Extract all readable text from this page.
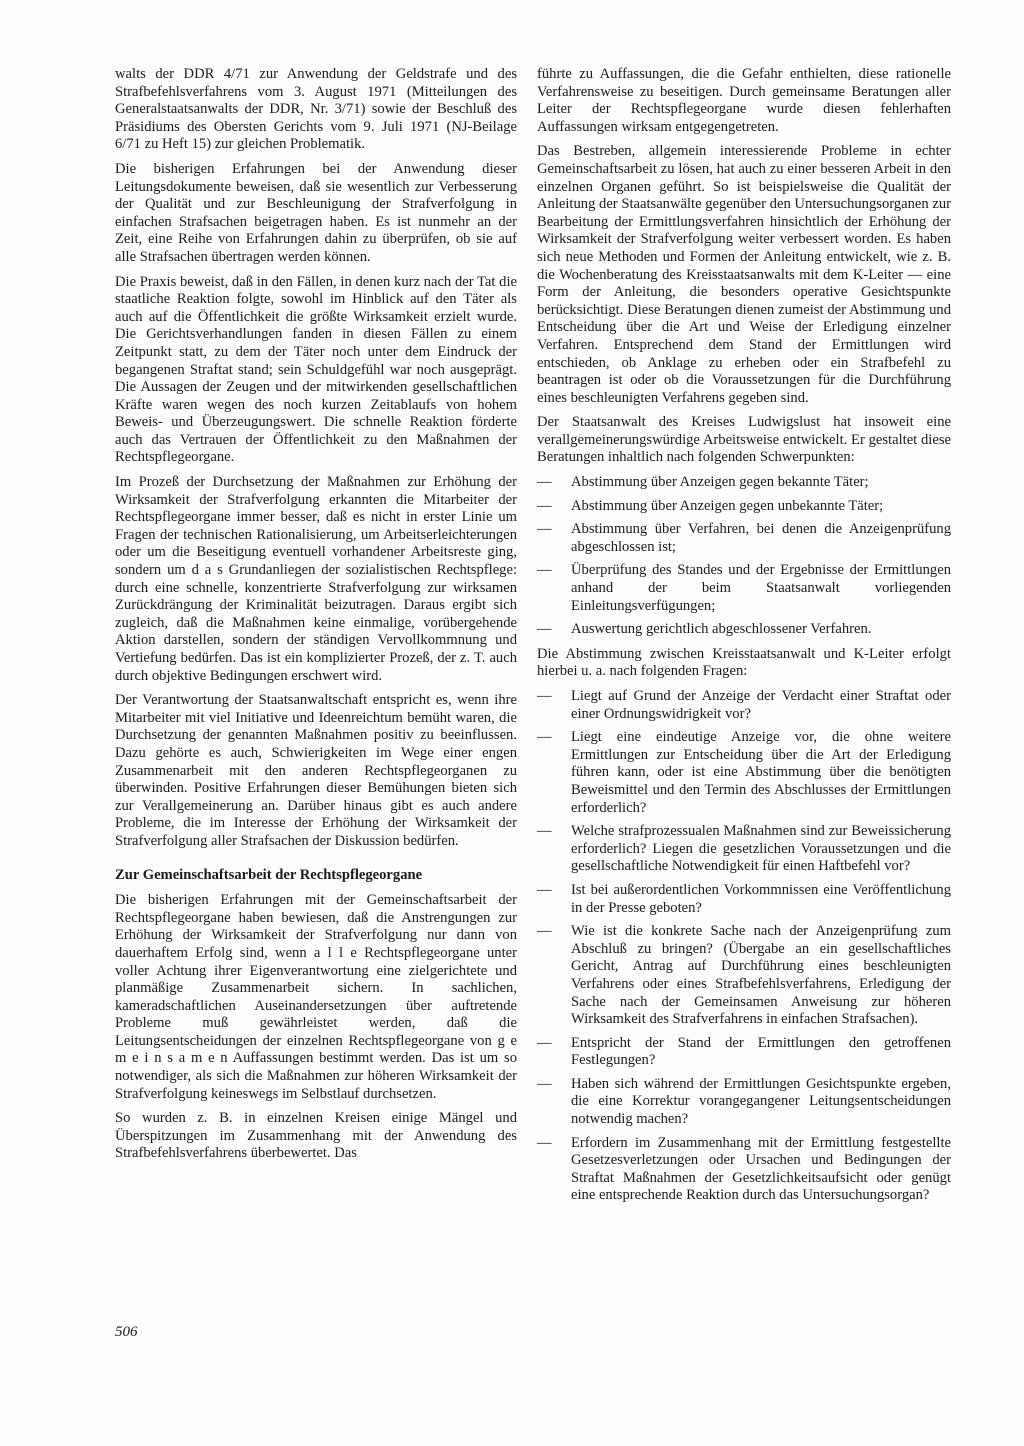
walts der DDR 4/71 zur Anwendung der Geldstrafe und des Strafbefehlsverfahrens vom 3. August 1971 (Mitteilungen des Generalstaatsanwalts der DDR, Nr. 3/71) sowie der Beschluß des Präsidiums des Obersten Gerichts vom 9. Juli 1971 (NJ-Beilage 6/71 zu Heft 15) zur gleichen Problematik.

Die bisherigen Erfahrungen bei der Anwendung dieser Leitungsdokumente beweisen, daß sie wesentlich zur Verbesserung der Qualität und zur Beschleunigung der Strafverfolgung in einfachen Strafsachen beigetragen haben. Es ist nunmehr an der Zeit, eine Reihe von Erfahrungen dahin zu überprüfen, ob sie auf alle Strafsachen übertragen werden können.

Die Praxis beweist, daß in den Fällen, in denen kurz nach der Tat die staatliche Reaktion folgte, sowohl im Hinblick auf den Täter als auch auf die Öffentlichkeit die größte Wirksamkeit erzielt wurde. Die Gerichtsverhandlungen fanden in diesen Fällen zu einem Zeitpunkt statt, zu dem der Täter noch unter dem Eindruck der begangenen Straftat stand; sein Schuldgefühl war noch ausgeprägt. Die Aussagen der Zeugen und der mitwirkenden gesellschaftlichen Kräfte waren wegen des noch kurzen Zeitablaufs von hohem Beweis- und Überzeugungswert. Die schnelle Reaktion förderte auch das Vertrauen der Öffentlichkeit zu den Maßnahmen der Rechtspflegeorgane.

Im Prozeß der Durchsetzung der Maßnahmen zur Erhöhung der Wirksamkeit der Strafverfolgung erkannten die Mitarbeiter der Rechtspflegeorgane immer besser, daß es nicht in erster Linie um Fragen der technischen Rationalisierung, um Arbeitserleichterungen oder um die Beseitigung eventuell vorhandener Arbeitsreste ging, sondern um d a s Grundanliegen der sozialistischen Rechtspflege: durch eine schnelle, konzentrierte Strafverfolgung zur wirksamen Zurückdrängung der Kriminalität beizutragen. Daraus ergibt sich zugleich, daß die Maßnahmen keine einmalige, vorübergehende Aktion darstellen, sondern der ständigen Vervollkommnung und Vertiefung bedürfen. Das ist ein komplizierter Prozeß, der z. T. auch durch objektive Bedingungen erschwert wird.

Der Verantwortung der Staatsanwaltschaft entspricht es, wenn ihre Mitarbeiter mit viel Initiative und Ideenreichtum bemüht waren, die Durchsetzung der genannten Maßnahmen positiv zu beeinflussen. Dazu gehörte es auch, Schwierigkeiten im Wege einer engen Zusammenarbeit mit den anderen Rechtspflegeorganen zu überwinden. Positive Erfahrungen dieser Bemühungen bieten sich zur Verallgemeinerung an. Darüber hinaus gibt es auch andere Probleme, die im Interesse der Erhöhung der Wirksamkeit der Strafverfolgung aller Strafsachen der Diskussion bedürfen.

Zur Gemeinschaftsarbeit der Rechtspflegeorgane

Die bisherigen Erfahrungen mit der Gemeinschaftsarbeit der Rechtspflegeorgane haben bewiesen, daß die Anstrengungen zur Erhöhung der Wirksamkeit der Strafverfolgung nur dann von dauerhaftem Erfolg sind, wenn a l l e Rechtspflegeorgane unter voller Achtung ihrer Eigenverantwortung eine zielgerichtete und planmäßige Zusammenarbeit sichern. In sachlichen, kameradschaftlichen Auseinandersetzungen über auftretende Probleme muß gewährleistet werden, daß die Leitungsentscheidungen der einzelnen Rechtspflegeorgane von g e m e i n s a m e n Auffassungen bestimmt werden. Das ist um so notwendiger, als sich die Maßnahmen zur höheren Wirksamkeit der Strafverfolgung keineswegs im Selbstlauf durchsetzen.

So wurden z. B. in einzelnen Kreisen einige Mängel und Überspitzungen im Zusammenhang mit der Anwendung des Strafbefehlsverfahrens überbewertet. Das

führte zu Auffassungen, die die Gefahr enthielten, diese rationelle Verfahrensweise zu beseitigen. Durch gemeinsame Beratungen aller Leiter der Rechtspflegeorgane wurde diesen fehlerhaften Auffassungen wirksam entgegengetreten.

Das Bestreben, allgemein interessierende Probleme in echter Gemeinschaftsarbeit zu lösen, hat auch zu einer besseren Arbeit in den einzelnen Organen geführt. So ist beispielsweise die Qualität der Anleitung der Staatsanwälte gegenüber den Untersuchungsorganen zur Bearbeitung der Ermittlungsverfahren hinsichtlich der Erhöhung der Wirksamkeit der Strafverfolgung weiter verbessert worden. Es haben sich neue Methoden und Formen der Anleitung entwickelt, wie z. B. die Wochenberatung des Kreisstaatsanwalts mit dem K-Leiter — eine Form der Anleitung, die besonders operative Gesichtspunkte berücksichtigt. Diese Beratungen dienen zumeist der Abstimmung und Entscheidung über die Art und Weise der Erledigung einzelner Verfahren. Entsprechend dem Stand der Ermittlungen wird entschieden, ob Anklage zu erheben oder ein Strafbefehl zu beantragen ist oder ob die Voraussetzungen für die Durchführung eines beschleunigten Verfahrens gegeben sind.

Der Staatsanwalt des Kreises Ludwigslust hat insoweit eine verallgemeinerungswürdige Arbeitsweise entwickelt. Er gestaltet diese Beratungen inhaltlich nach folgenden Schwerpunkten:

—	Abstimmung über Anzeigen gegen bekannte Täter;
—	Abstimmung über Anzeigen gegen unbekannte Täter;
—	Abstimmung über Verfahren, bei denen die Anzeigenprüfung abgeschlossen ist;
—	Überprüfung des Standes und der Ergebnisse der Ermittlungen anhand der beim Staatsanwalt vorliegenden Einleitungsverfügungen;
—	Auswertung gerichtlich abgeschlossener Verfahren.

Die Abstimmung zwischen Kreisstaatsanwalt und K-Leiter erfolgt hierbei u. a. nach folgenden Fragen:

—	Liegt auf Grund der Anzeige der Verdacht einer Straftat oder einer Ordnungswidrigkeit vor?
—	Liegt eine eindeutige Anzeige vor, die ohne weitere Ermittlungen zur Entscheidung über die Art der Erledigung führen kann, oder ist eine Abstimmung über die benötigten Beweismittel und den Termin des Abschlusses der Ermittlungen erforderlich?
—	Welche strafprozessualen Maßnahmen sind zur Beweissicherung erforderlich? Liegen die gesetzlichen Voraussetzungen und die gesellschaftliche Notwendigkeit für einen Haftbefehl vor?
—	Ist bei außerordentlichen Vorkommnissen eine Veröffentlichung in der Presse geboten?
—	Wie ist die konkrete Sache nach der Anzeigenprüfung zum Abschluß zu bringen? (Übergabe an ein gesellschaftliches Gericht, Antrag auf Durchführung eines beschleunigten Verfahrens oder eines Strafbefehlsverfahrens, Erledigung der Sache nach der Gemeinsamen Anweisung zur höheren Wirksamkeit des Strafverfahrens in einfachen Strafsachen).
—	Entspricht der Stand der Ermittlungen den getroffenen Festlegungen?
—	Haben sich während der Ermittlungen Gesichtspunkte ergeben, die eine Korrektur vorangegangener Leitungsentscheidungen notwendig machen?
—	Erfordern im Zusammenhang mit der Ermittlung festgestellte Gesetzesverletzungen oder Ursachen und Bedingungen der Straftat Maßnahmen der Gesetzlichkeitsaufsicht oder genügt eine entsprechende Reaktion durch das Untersuchungsorgan?
506
